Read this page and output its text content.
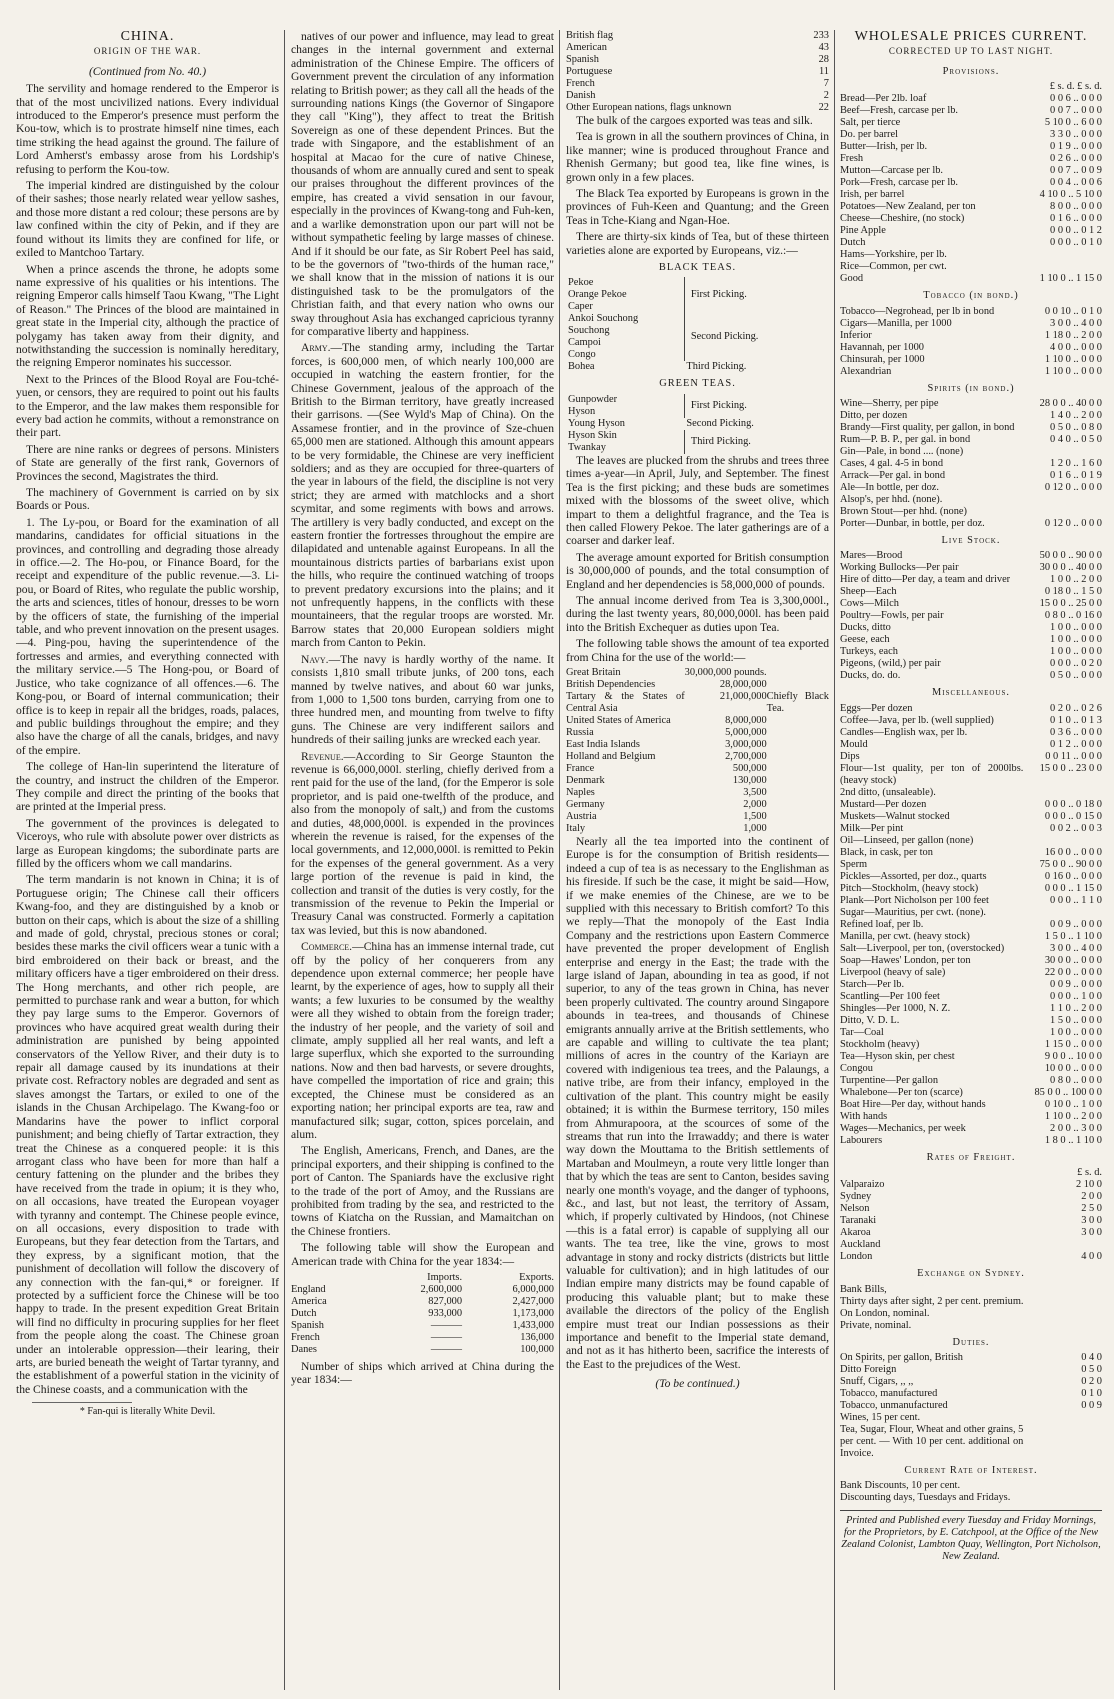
CHINA.
ORIGIN OF THE WAR.
(Continued from No. 40.)

The servility and homage rendered to the Emperor is that of the most uncivilized nations. Every individual introduced to the Emperor's presence must perform the Kou-tow, which is to prostrate himself nine times, each time striking the head against the ground. The failure of Lord Amherst's embassy arose from his Lordship's refusing to perform the Kou-tow.

The imperial kindred are distinguished by the colour of their sashes; those nearly related wear yellow sashes, and those more distant a red colour; these persons are by law confined within the city of Pekin, and if they are found without its limits they are confined for life, or exiled to Mantchoo Tartary.

When a prince ascends the throne, he adopts some name expressive of his qualities or his intentions. The reigning Emperor calls himself Taou Kwang, "The Light of Reason." The Princes of the blood are maintained in great state in the Imperial city, although the practice of polygamy has taken away from their dignity, and notwithstanding the succession is nominally hereditary, the reigning Emperor nominates his successor.

Next to the Princes of the Blood Royal are Fou-tché-yuen, or censors, they are required to point out his faults to the Emperor, and the law makes them responsible for every bad action he commits, without a remonstrance on their part.

There are nine ranks or degrees of persons. Ministers of State are generally of the first rank, Governors of Provinces the second, Magistrates the third.

The machinery of Government is carried on by six Boards or Pous.

1. The Ly-pou, or Board for the examination of all mandarins, candidates for official situations in the provinces, and controlling and degrading those already in office.—2. The Ho-pou, or Finance Board, for the receipt and expenditure of the public revenue.—3. Li-pou, or Board of Rites, who regulate the public worship, the arts and sciences, titles of honour, dresses to be worn by the officers of state, the furnishing of the imperial table, and who prevent innovation on the present usages.—4. Ping-pou, having the superintendence of the fortresses and armies, and everything connected with the military service.—5 The Hong-pou, or Board of Justice, who take cognizance of all offences.—6. The Kong-pou, or Board of internal communication; their office is to keep in repair all the bridges, roads, palaces, and public buildings throughout the empire; and they also have the charge of all the canals, bridges, and navy of the empire.

The college of Han-lin superintend the literature of the country, and instruct the children of the Emperor. They compile and direct the printing of the books that are printed at the Imperial press.

The government of the provinces is delegated to Viceroys, who rule with absolute power over districts as large as European kingdoms; the subordinate parts are filled by the officers whom we call mandarins.

The term mandarin is not known in China; it is of Portuguese origin; The Chinese call their officers Kwang-foo, and they are distinguished by a knob or button on their caps, which is about the size of a shilling and made of gold, chrystal, precious stones or coral; besides these marks the civil officers wear a tunic with a bird embroidered on their back or breast, and the military officers have a tiger embroidered on their dress. The Hong merchants, and other rich people, are permitted to purchase rank and wear a button, for which they pay large sums to the Emperor. Governors of provinces who have acquired great wealth during their administration are punished by being appointed conservators of the Yellow River, and their duty is to repair all damage caused by its inundations at their private cost. Refractory nobles are degraded and sent as slaves amongst the Tartars, or exiled to one of the islands in the Chusan Archipelago. The Kwang-foo or Mandarins have the power to inflict corporal punishment; and being chiefly of Tartar extraction, they treat the Chinese as a conquered people: it is this arrogant class who have been for more than half a century fattening on the plunder and the bribes they have received from the trade in opium; it is they who, on all occasions, have treated the European voyager with tyranny and contempt. The Chinese people evince, on all occasions, every disposition to trade with Europeans, but they fear detection from the Tartars, and they express, by a significant motion, that the punishment of decollation will follow the discovery of any connection with the fan-qui,* or foreigner. If protected by a sufficient force the Chinese will be too happy to trade. In the present expedition Great Britain will find no difficulty in procuring supplies for her fleet from the people along the coast. The Chinese groan under an intolerable oppression—their learing, their arts, are buried beneath the weight of Tartar tyranny, and the establishment of a powerful station in the vicinity of the Chinese coasts, and a communication with the

* Fan-qui is literally White Devil.

natives of our power and influence, may lead to great changes in the internal government and external administration of the Chinese Empire. The officers of Government prevent the circulation of any information relating to British power; as they call all the heads of the surrounding nations Kings (the Governor of Singapore they call "King"), they affect to treat the British Sovereign as one of these dependent Princes. But the trade with Singapore, and the establishment of an hospital at Macao for the cure of native Chinese, thousands of whom are annually cured and sent to speak our praises throughout the different provinces of the empire, has created a vivid sensation in our favour, especially in the provinces of Kwang-tong and Fuh-ken, and a warlike demonstration upon our part will not be without sympathetic feeling by large masses of chinese. And if it should be our fate, as Sir Robert Peel has said, to be the governors of "two-thirds of the human race," we shall know that in the mission of nations it is our distinguished task to be the promulgators of the Christian faith, and that every nation who owns our sway throughout Asia has exchanged capricious tyranny for comparative liberty and happiness.

Army.—The standing army, including the Tartar forces, is 600,000 men, of which nearly 100,000 are occupied in watching the eastern frontier, for the Chinese Government, jealous of the approach of the British to the Birman territory, have greatly increased their garrisons. —(See Wyld's Map of China). On the Assamese frontier, and in the province of Sze-chuen 65,000 men are stationed. Although this amount appears to be very formidable, the Chinese are very inefficient soldiers; and as they are occupied for three-quarters of the year in labours of the field, the discipline is not very strict; they are armed with matchlocks and a short scymitar, and some regiments with bows and arrows. The artillery is very badly conducted, and except on the eastern frontier the fortresses throughout the empire are dilapidated and untenable against Europeans. In all the mountainous districts parties of barbarians exist upon the hills, who require the continued watching of troops to prevent predatory excursions into the plains; and it not unfrequently happens, in the conflicts with these mountaineers, that the regular troops are worsted. Mr. Barrow states that 20,000 European soldiers might march from Canton to Pekin.

Navy.—The navy is hardly worthy of the name. It consists 1,810 small tribute junks, of 200 tons, each manned by twelve natives, and about 60 war junks, from 1,000 to 1,500 tons burden, carrying from one to three hundred men, and mounting from twelve to fifty guns. The Chinese are very indifferent sailors and hundreds of their sailing junks are wrecked each year.

Revenue.—According to Sir George Staunton the revenue is 66,000,000l. sterling, chiefly derived from a rent paid for the use of the land, (for the Emperor is sole proprietor, and is paid one-twelfth of the produce, and also from the monopoly of salt,) and from the customs and duties, 48,000,000l. is expended in the provinces wherein the revenue is raised, for the expenses of the local governments, and 12,000,000l. is remitted to Pekin for the expenses of the general government. As a very large portion of the revenue is paid in kind, the collection and transit of the duties is very costly, for the transmission of the revenue to Pekin the Imperial or Treasury Canal was constructed. Formerly a capitation tax was levied, but this is now abandoned.

Commerce.—China has an immense internal trade, cut off by the policy of her conquerers from any dependence upon external commerce; her people have learnt, by the experience of ages, how to supply all their wants; a few luxuries to be consumed by the wealthy were all they wished to obtain from the foreign trader; the industry of her people, and the variety of soil and climate, amply supplied all her real wants, and left a large superflux, which she exported to the surrounding nations. Now and then bad harvests, or severe droughts, have compelled the importation of rice and grain; this excepted, the Chinese must be considered as an exporting nation; her principal exports are tea, raw and manufactured silk; sugar, cotton, spices porcelain, and alum.

The English, Americans, French, and Danes, are the principal exporters, and their shipping is confined to the port of Canton. The Spaniards have the exclusive right to the trade of the port of Amoy, and the Russians are prohibited from trading by the sea, and restricted to the towns of Kiatcha on the Russian, and Mamaitchan on the Chinese frontiers.

The following table will show the European and American trade with China for the year 1834:—

	Imports.	Exports.
England	2,600,000	6,000,000
America	827,000	2,427,000
Dutch	933,000	1,173,000
Spanish	———	1,433,000
French	———	136,000
Danes	———	100,000
Number of ships which arrived at China during the year 1834:—
British flag	233
American	43
Spanish	28
Portuguese	11
French	7
Danish	2
Other European nations, flags unknown	22

The bulk of the cargoes exported was teas and silk.

Tea is grown in all the southern provinces of China, in like manner; wine is produced throughout France and Rhenish Germany; but good tea, like fine wines, is grown only in a few places.

The Black Tea exported by Europeans is grown in the provinces of Fuh-Keen and Quantung; and the Green Teas in Tche-Kiang and Ngan-Hoe.

There are thirty-six kinds of Tea, but of these thirteen varieties alone are exported by Europeans, viz.:—

BLACK TEAS.
Pekoe
Orange Pekoe
Caper	First Picking.

Ankoi Souchong
Souchong
Campoi
Congo	Second Picking.

Bohea	Third Picking.
GREEN TEAS.
Gunpowder
Hyson	First Picking.

Young Hyson	Second Picking.

Hyson Skin
Twankay	Third Picking.

The leaves are plucked from the shrubs and trees three times a-year—in April, July, and September. The finest Tea is the first picking; and these buds are sometimes mixed with the blossoms of the sweet olive, which impart to them a delightful fragrance, and the Tea is then called Flowery Pekoe. The later gatherings are of a coarser and darker leaf.

The average amount exported for British consumption is 30,000,000 of pounds, and the total consumption of England and her dependencies is 58,000,000 of pounds.

The annual income derived from Tea is 3,300,000l., during the last twenty years, 80,000,000l. has been paid into the British Exchequer as duties upon Tea.

The following table shows the amount of tea exported from China for the use of the world:—

Great Britain	30,000,000 pounds.	
British Dependencies	28,000,000	
Tartary & the States of Central Asia	21,000,000	Chiefly Black Tea.
United States of America	8,000,000	
Russia	5,000,000	
East India Islands	3,000,000	
Holland and Belgium	2,700,000	
France	500,000	
Denmark	130,000	
Naples	3,500	
Germany	2,000	
Austria	1,500	
Italy	1,000	

Nearly all the tea imported into the continent of Europe is for the consumption of British residents—indeed a cup of tea is as necessary to the Englishman as his fireside. If such be the case, it might be said—How, if we make enemies of the Chinese, are we to be supplied with this necessary to British comfort? To this we reply—That the monopoly of the East India Company and the restrictions upon Eastern Commerce have prevented the proper development of English enterprise and energy in the East; the trade with the large island of Japan, abounding in tea as good, if not superior, to any of the teas grown in China, has never been properly cultivated. The country around Singapore abounds in tea-trees, and thousands of Chinese emigrants annually arrive at the British settlements, who are capable and willing to cultivate the tea plant; millions of acres in the country of the Kariayn are covered with indigenious tea trees, and the Palaungs, a native tribe, are from their infancy, employed in the cultivation of the plant. This country might be easily obtained; it is within the Burmese territory, 150 miles from Ahmurapoora, at the scources of some of the streams that run into the Irrawaddy; and there is water way down the Mouttama to the British settlements of Martaban and Moulmeyn, a route very little longer than that by which the teas are sent to Canton, besides saving nearly one month's voyage, and the danger of typhoons, &c., and last, but not least, the territory of Assam, which, if properly cultivated by Hindoos, (not Chinese—this is a fatal error) is capable of supplying all our wants. The tea tree, like the vine, grows to most advantage in stony and rocky districts (districts but little valuable for cultivation); and in high latitudes of our Indian empire many districts may be found capable of producing this valuable plant; but to make these available the directors of the policy of the English empire must treat our Indian possessions as their importance and benefit to the Imperial state demand, and not as it has hitherto been, sacrifice the interests of the East to the prejudices of the West.

(To be continued.)
WHOLESALE PRICES CURRENT.
CORRECTED UP TO LAST NIGHT.
Provisions.
£ s. d. £ s. d.
Bread—Per 2lb. loaf	0 0 6 .. 0 0 0
Beef—Fresh, carcase per lb.	0 0 7 .. 0 0 0
Salt, per tierce	5 10 0 .. 6 0 0
Do. per barrel	3 3 0 .. 0 0 0
Butter—Irish, per lb.	0 1 9 .. 0 0 0
Fresh	0 2 6 .. 0 0 0
Mutton—Carcase per lb.	0 0 7 .. 0 0 9
Pork—Fresh, carcase per lb.	0 0 4 .. 0 0 6
Irish, per barrel	4 10 0 .. 5 10 0
Potatoes—New Zealand, per ton	8 0 0 .. 0 0 0
Cheese—Cheshire, (no stock)	0 1 6 .. 0 0 0
Pine Apple	0 0 0 .. 0 1 2
Dutch	0 0 0 .. 0 1 0
Hams—Yorkshire, per lb.	
Rice—Common, per cwt.	
Good	1 10 0 .. 1 15 0
Tobacco (in bond.)
Tobacco—Negrohead, per lb in bond	0 0 10 .. 0 1 0
Cigars—Manilla, per 1000	3 0 0 .. 4 0 0
Inferior	1 18 0 .. 2 0 0
Havannah, per 1000	4 0 0 .. 0 0 0
Chinsurah, per 1000	1 10 0 .. 0 0 0
Alexandrian	1 10 0 .. 0 0 0
Spirits (in bond.)
Wine—Sherry, per pipe	28 0 0 .. 40 0 0
Ditto, per dozen	1 4 0 .. 2 0 0
Brandy—First quality, per gallon, in bond	0 5 0 .. 0 8 0
Rum—P. B. P., per gal. in bond	0 4 0 .. 0 5 0
Gin—Pale, in bond .... (none)	
Cases, 4 gal. 4-5 in bond	1 2 0 .. 1 6 0
Arrack—Per gal. in bond	0 1 6 .. 0 1 9
Ale—In bottle, per doz.	0 12 0 .. 0 0 0
Alsop's, per hhd. (none).	
Brown Stout—per hhd. (none)	
Porter—Dunbar, in bottle, per doz.	0 12 0 .. 0 0 0
Live Stock.
Mares—Brood	50 0 0 .. 90 0 0
Working Bullocks—Per pair	30 0 0 .. 40 0 0
Hire of ditto—Per day, a team and driver	1 0 0 .. 2 0 0
Sheep—Each	0 18 0 .. 1 5 0
Cows—Milch	15 0 0 .. 25 0 0
Poultry—Fowls, per pair	0 8 0 .. 0 16 0
Ducks, ditto	1 0 0 .. 0 0 0
Geese, each	1 0 0 .. 0 0 0
Turkeys, each	1 0 0 .. 0 0 0
Pigeons, (wild,) per pair	0 0 0 .. 0 2 0
Ducks, do. do.	0 5 0 .. 0 0 0
Miscellaneous.
Eggs—Per dozen	0 2 0 .. 0 2 6
Coffee—Java, per lb. (well supplied)	0 1 0 .. 0 1 3
Candles—English wax, per lb.	0 3 6 .. 0 0 0
Mould	0 1 2 .. 0 0 0
Dips	0 0 11 .. 0 0 0
Flour—1st quality, per ton of 2000lbs. (heavy stock)	15 0 0 .. 23 0 0
2nd ditto, (unsaleable).	
Mustard—Per dozen	0 0 0 .. 0 18 0
Muskets—Walnut stocked	0 0 0 .. 0 15 0
Milk—Per pint	0 0 2 .. 0 0 3
Oil—Linseed, per gallon (none)	
Black, in cask, per ton	16 0 0 .. 0 0 0
Sperm	75 0 0 .. 90 0 0
Pickles—Assorted, per doz., quarts	0 16 0 .. 0 0 0
Pitch—Stockholm, (heavy stock)	0 0 0 .. 1 15 0
Plank—Port Nicholson per 100 feet	0 0 0 .. 1 1 0
Sugar—Mauritius, per cwt. (none).	
Refined loaf, per lb.	0 0 9 .. 0 0 0
Manilla, per cwt. (heavy stock)	1 5 0 .. 1 10 0
Salt—Liverpool, per ton, (overstocked)	3 0 0 .. 4 0 0
Soap—Hawes' London, per ton	30 0 0 .. 0 0 0
Liverpool (heavy of sale)	22 0 0 .. 0 0 0
Starch—Per lb.	0 0 9 .. 0 0 0
Scantling—Per 100 feet	0 0 0 .. 1 0 0
Shingles—Per 1000, N. Z.	1 1 0 .. 2 0 0
Ditto, V. D. L.	1 5 0 .. 0 0 0
Tar—Coal	1 0 0 .. 0 0 0
Stockholm (heavy)	1 15 0 .. 0 0 0
Tea—Hyson skin, per chest	9 0 0 .. 10 0 0
Congou	10 0 0 .. 0 0 0
Turpentine—Per gallon	0 8 0 .. 0 0 0
Whalebone—Per ton (scarce)	85 0 0 .. 100 0 0
Boat Hire—Per day, without hands	0 10 0 .. 1 0 0
With hands	1 10 0 .. 2 0 0
Wages—Mechanics, per week	2 0 0 .. 3 0 0
Labourers	1 8 0 .. 1 10 0
Rates of Freight.
£ s. d.
Valparaizo	2 10 0
Sydney	2 0 0
Nelson	2 5 0
Taranaki	3 0 0
Akaroa	3 0 0
Auckland	
London	4 0 0
Exchange on Sydney.
Bank Bills,
Thirty days after sight, 2 per cent. premium.
On London, nominal.
Private, nominal.
Duties.
On Spirits, per gallon, British	0 4 0
Ditto Foreign	0 5 0
Snuff, Cigars, ,, ,,	0 2 0
Tobacco, manufactured	0 1 0
Tobacco, unmanufactured	0 0 9
Wines, 15 per cent.	
Tea, Sugar, Flour, Wheat and other grains, 5 per cent. — With 10 per cent. additional on Invoice.	
Current Rate of Interest.
Bank Discounts, 10 per cent.
Discounting days, Tuesdays and Fridays.
Printed and Published every Tuesday and Friday Mornings, for the Proprietors, by E. Catchpool, at the Office of the New Zealand Colonist, Lambton Quay, Wellington, Port Nicholson, New Zealand.
